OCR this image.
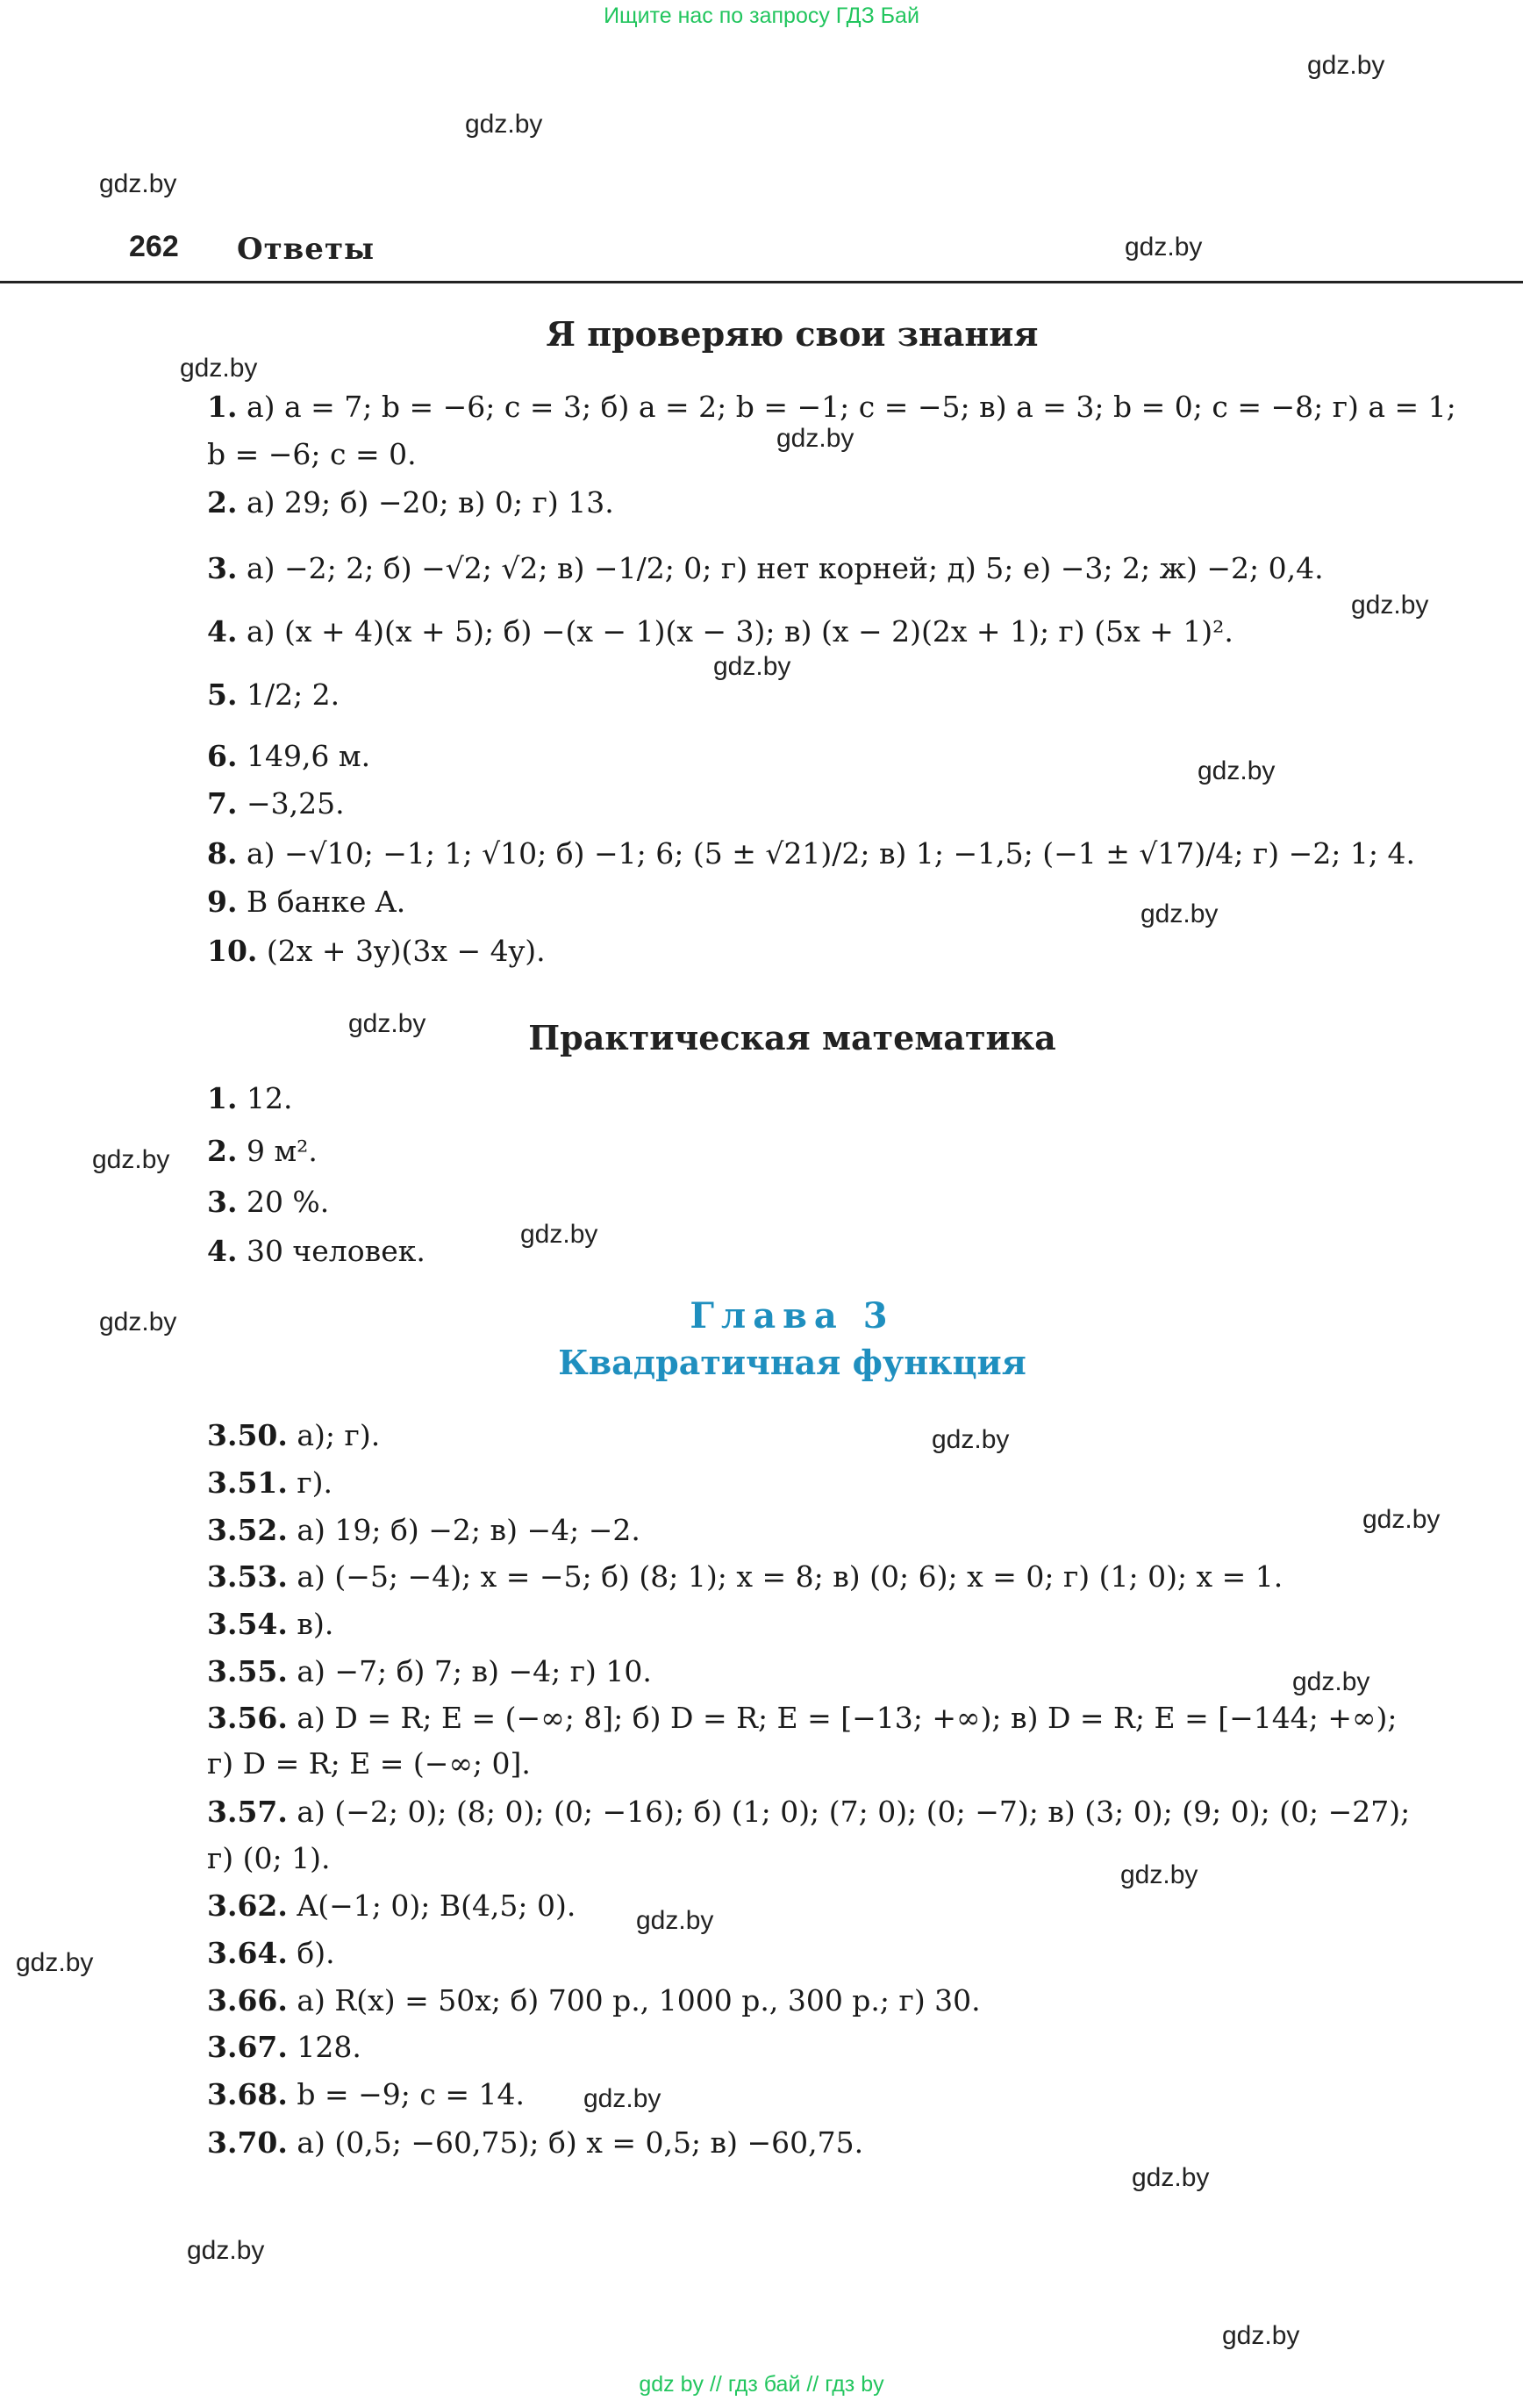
Ищите нас по запросу ГДЗ Бай
gdz.by
gdz.by
gdz.by
gdz.by
gdz.by
gdz.by
gdz.by
gdz.by
gdz.by
gdz.by
gdz.by
gdz.by
gdz.by
gdz.by
gdz.by
gdz.by
gdz.by
gdz.by
gdz.by
gdz.by
gdz.by
gdz.by
gdz.by
gdz.by
262 Ответы
Я проверяю свои знания
1. а) a = 7; b = −6; c = 3; б) a = 2; b = −1; c = −5; в) a = 3; b = 0; c = −8; г) a = 1;
b = −6; c = 0.
2. а) 29; б) −20; в) 0; г) 13.
3. а) −2; 2; б) −√2; √2; в) −1/2; 0; г) нет корней; д) 5; е) −3; 2; ж) −2; 0,4.
4. а) (x + 4)(x + 5); б) −(x − 1)(x − 3); в) (x − 2)(2x + 1); г) (5x + 1)².
5. 1/2; 2.
6. 149,6 м.
7. −3,25.
8. а) −√10; −1; 1; √10; б) −1; 6; (5 ± √21)/2; в) 1; −1,5; (−1 ± √17)/4; г) −2; 1; 4.
9. В банке A.
10. (2x + 3y)(3x − 4y).
Практическая математика
1. 12.
2. 9 м².
3. 20 %.
4. 30 человек.
Глава 3
Квадратичная функция
3.50. а); г).
3.51. г).
3.52. а) 19; б) −2; в) −4; −2.
3.53. а) (−5; −4); x = −5; б) (8; 1); x = 8; в) (0; 6); x = 0; г) (1; 0); x = 1.
3.54. в).
3.55. а) −7; б) 7; в) −4; г) 10.
3.56. а) D = R; E = (−∞; 8]; б) D = R; E = [−13; +∞); в) D = R; E = [−144; +∞);
г) D = R; E = (−∞; 0].
3.57. а) (−2; 0); (8; 0); (0; −16); б) (1; 0); (7; 0); (0; −7); в) (3; 0); (9; 0); (0; −27);
г) (0; 1).
3.62. A(−1; 0); B(4,5; 0).
3.64. б).
3.66. а) R(x) = 50x; б) 700 р., 1000 р., 300 р.; г) 30.
3.67. 128.
3.68. b = −9; c = 14.
3.70. а) (0,5; −60,75); б) x = 0,5; в) −60,75.
gdz by // гдз бай // гдз by
